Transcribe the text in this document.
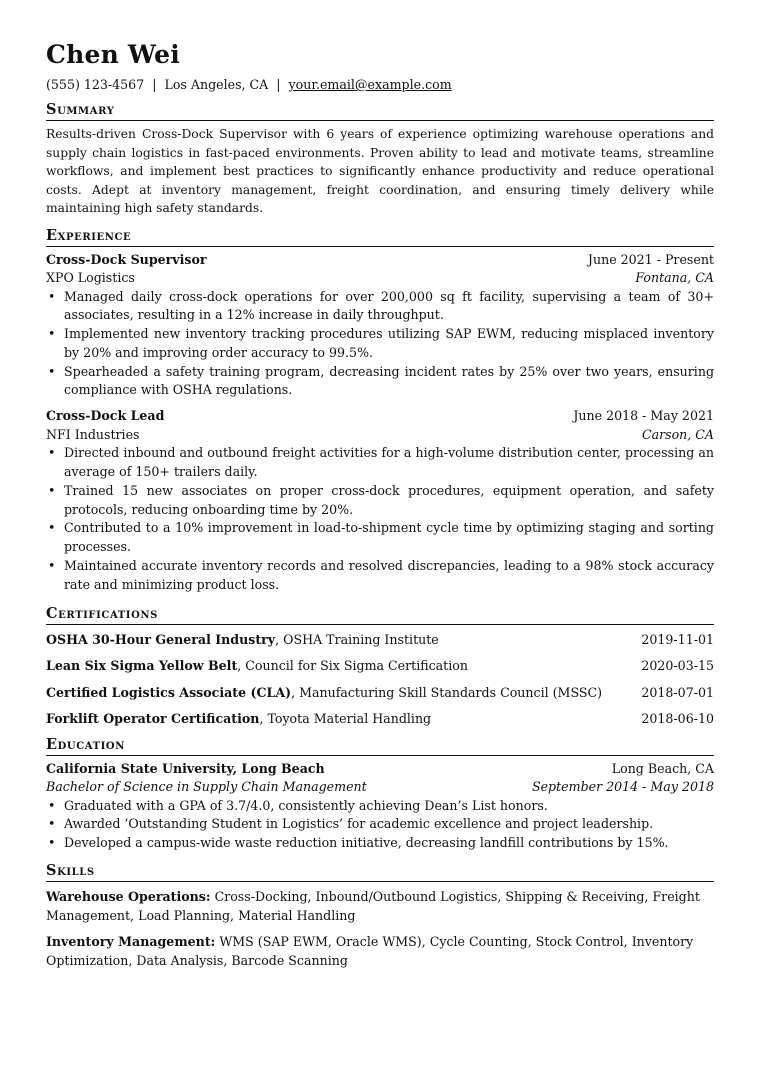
Chen Wei
(555) 123-4567 | Los Angeles, CA | your.email@example.com
Summary
Results-driven Cross-Dock Supervisor with 6 years of experience optimizing warehouse operations and supply chain logistics in fast-paced environments. Proven ability to lead and motivate teams, streamline workflows, and implement best practices to significantly enhance productivity and reduce operational costs. Adept at inventory management, freight coordination, and ensuring timely delivery while maintaining high safety standards.
Experience
Cross-Dock Supervisor	June 2021 - Present
XPO Logistics	Fontana, CA
• Managed daily cross-dock operations for over 200,000 sq ft facility, supervising a team of 30+ associates, resulting in a 12% increase in daily throughput.
• Implemented new inventory tracking procedures utilizing SAP EWM, reducing misplaced inventory by 20% and improving order accuracy to 99.5%.
• Spearheaded a safety training program, decreasing incident rates by 25% over two years, ensuring compliance with OSHA regulations.
Cross-Dock Lead	June 2018 - May 2021
NFI Industries	Carson, CA
• Directed inbound and outbound freight activities for a high-volume distribution center, processing an average of 150+ trailers daily.
• Trained 15 new associates on proper cross-dock procedures, equipment operation, and safety protocols, reducing onboarding time by 20%.
• Contributed to a 10% improvement in load-to-shipment cycle time by optimizing staging and sorting processes.
• Maintained accurate inventory records and resolved discrepancies, leading to a 98% stock accuracy rate and minimizing product loss.
Certifications
OSHA 30-Hour General Industry, OSHA Training Institute	2019-11-01
Lean Six Sigma Yellow Belt, Council for Six Sigma Certification	2020-03-15
Certified Logistics Associate (CLA), Manufacturing Skill Standards Council (MSSC)	2018-07-01
Forklift Operator Certification, Toyota Material Handling	2018-06-10
Education
California State University, Long Beach	Long Beach, CA
Bachelor of Science in Supply Chain Management	September 2014 - May 2018
• Graduated with a GPA of 3.7/4.0, consistently achieving Dean’s List honors.
• Awarded ‘Outstanding Student in Logistics’ for academic excellence and project leadership.
• Developed a campus-wide waste reduction initiative, decreasing landfill contributions by 15%.
Skills
Warehouse Operations: Cross-Docking, Inbound/Outbound Logistics, Shipping & Receiving, Freight Management, Load Planning, Material Handling
Inventory Management: WMS (SAP EWM, Oracle WMS), Cycle Counting, Stock Control, Inventory Optimization, Data Analysis, Barcode Scanning
